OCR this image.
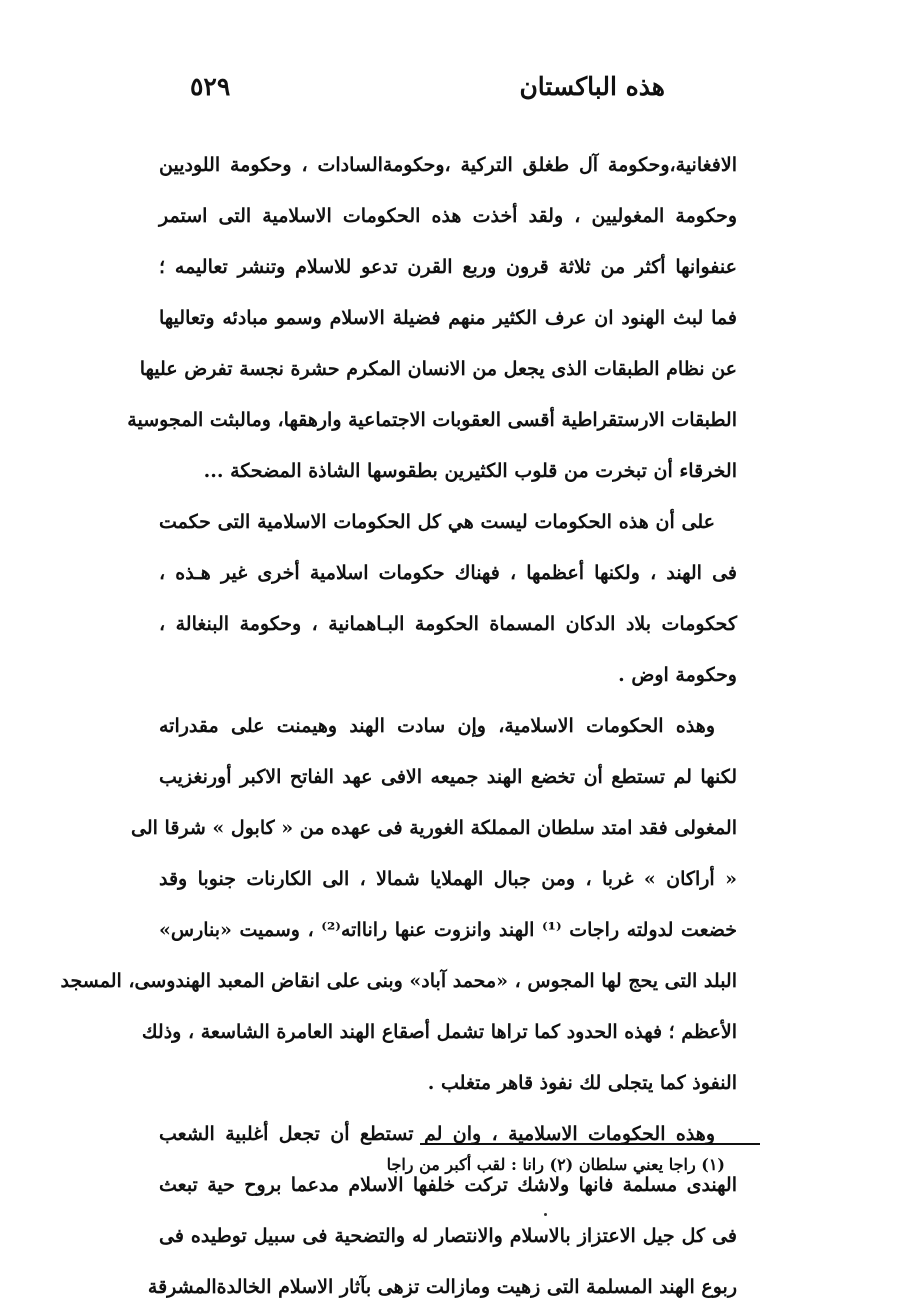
هذه الباكستان
٥٢٩
الافغانية،وحكومة آل طغلق التركية ،وحكومةالسادات ، وحكومة اللوديين
وحكومة المغوليين ، ولقد أخذت هذه الحكومات الاسلامية التى استمر
عنفوانها أكثر من ثلاثة قرون وربع القرن تدعو للاسلام وتنشر تعاليمه ؛
فما لبث الهنود ان عرف الكثير منهم فضيلة الاسلام وسمو مبادئه وتعاليها
عن نظام الطبقات الذى يجعل من الانسان المكرم حشرة نجسة تفرض عليها
الطبقات الارستقراطية أقسى العقوبات الاجتماعية وارهقها، ومالبثت المجوسية
الخرقاء أن تبخرت من قلوب الكثيرين بطقوسها الشاذة المضحكة ...
على أن هذه الحكومات ليست هي كل الحكومات الاسلامية التى حكمت
فى الهند ، ولكنها أعظمها ، فهناك حكومات اسلامية أخرى غير هـذه ،
كحكومات بلاد الدكان المسماة الحكومة البـاهمانية ، وحكومة البنغالة ،
وحكومة اوض .
وهذه الحكومات الاسلامية، وإن سادت الهند وهيمنت على مقدراته
لكنها لم تستطع أن تخضع الهند جميعه الافى عهد الفاتح الاكبر أورنغزيب
المغولى فقد امتد سلطان المملكة الغورية فى عهده من « كابول » شرقا الى
« أراكان » غربا ، ومن جبال الهملايا شمالا ، الى الكارنات جنوبا وقد
خضعت لدولته راجات ⁽¹⁾ الهند وانزوت عنها رانااته⁽²⁾ ، وسميت «بنارس»
البلد التى يحج لها المجوس ، «محمد آباد» وبنى على انقاض المعبد الهندوسى، المسجد
الأعظم ؛ فهذه الحدود كما تراها تشمل أصقاع الهند العامرة الشاسعة ، وذلك
النفوذ كما يتجلى لك نفوذ قاهر متغلب .
وهذه الحكومات الاسلامية ، وان لم تستطع أن تجعل أغلبية الشعب
الهندى مسلمة فانها ولاشك تركت خلفها الاسلام مدعما بروح حية تبعث
فى كل جيل الاعتزاز بالاسلام والانتصار له والتضحية فى سبيل توطيده فى
ربوع الهند المسلمة التى زهيت ومازالت تزهى بآثار الاسلام الخالدةالمشرقة
(١) راجا يعني سلطان (٢) رانا : لقب أكبر من راجا
